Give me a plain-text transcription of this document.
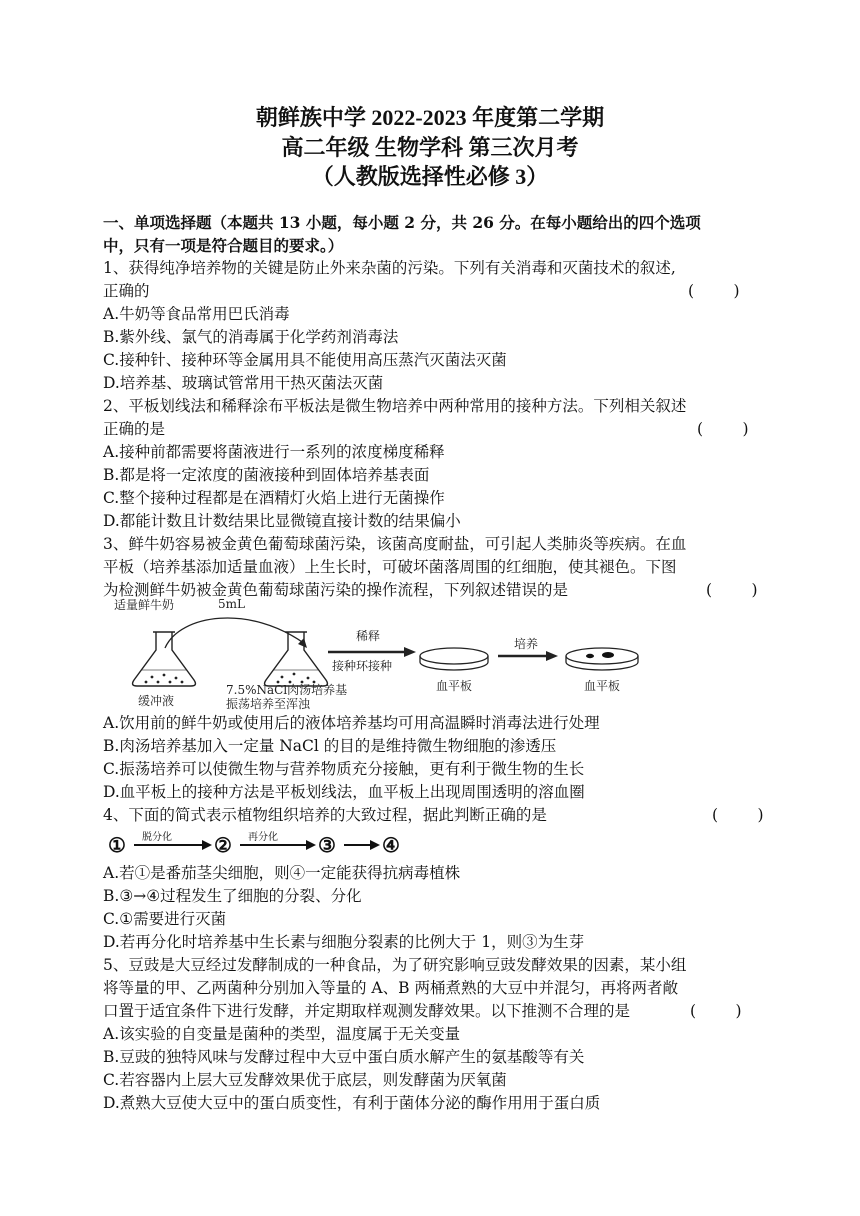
朝鲜族中学 2022-2023 年度第二学期
高二年级 生物学科 第三次月考
（人教版选择性必修 3）
一、单项选择题（本题共 13 小题，每小题 2 分，共 26 分。在每小题给出的四个选项
中，只有一项是符合题目的要求。）
1、获得纯净培养物的关键是防止外来杂菌的污染。下列有关消毒和灭菌技术的叙述,
正确的	(        )
A.牛奶等食品常用巴氏消毒
B.紫外线、氯气的消毒属于化学药剂消毒法
C.接种针、接种环等金属用具不能使用高压蒸汽灭菌法灭菌
D.培养基、玻璃试管常用干热灭菌法灭菌
2、平板划线法和稀释涂布平板法是微生物培养中两种常用的接种方法。下列相关叙述
正确的是	(        )
A.接种前都需要将菌液进行一系列的浓度梯度稀释
B.都是将一定浓度的菌液接种到固体培养基表面
C.整个接种过程都是在酒精灯火焰上进行无菌操作
D.都能计数且计数结果比显微镜直接计数的结果偏小
3、鲜牛奶容易被金黄色葡萄球菌污染，该菌高度耐盐，可引起人类肺炎等疾病。在血
平板（培养基添加适量血液）上生长时，可破坏菌落周围的红细胞，使其褪色。下图
为检测鲜牛奶被金黄色葡萄球菌污染的操作流程，下列叙述错误的是	(        )
适量鲜牛奶	5mL
缓冲液
7.5%NaCl肉汤培养基
振荡培养至浑浊
稀释
接种环接种
血平板
培养
血平板
A.饮用前的鲜牛奶或使用后的液体培养基均可用高温瞬时消毒法进行处理
B.肉汤培养基加入一定量 NaCl 的目的是维持微生物细胞的渗透压
C.振荡培养可以使微生物与营养物质充分接触，更有利于微生物的生长
D.血平板上的接种方法是平板划线法，血平板上出现周围透明的溶血圈
4、下面的简式表示植物组织培养的大致过程，据此判断正确的是	(        )
① 脱分化 ② 再分化 ③ ④
A.若①是番茄茎尖细胞，则④一定能获得抗病毒植株
B.③→④过程发生了细胞的分裂、分化
C.①需要进行灭菌
D.若再分化时培养基中生长素与细胞分裂素的比例大于 1，则③为生芽
5、豆豉是大豆经过发酵制成的一种食品，为了研究影响豆豉发酵效果的因素，某小组
将等量的甲、乙两菌种分别加入等量的 A、B 两桶煮熟的大豆中并混匀，再将两者敞
口置于适宜条件下进行发酵，并定期取样观测发酵效果。以下推测不合理的是	(        )
A.该实验的自变量是菌种的类型，温度属于无关变量
B.豆豉的独特风味与发酵过程中大豆中蛋白质水解产生的氨基酸等有关
C.若容器内上层大豆发酵效果优于底层，则发酵菌为厌氧菌
D.煮熟大豆使大豆中的蛋白质变性，有利于菌体分泌的酶作用用于蛋白质
